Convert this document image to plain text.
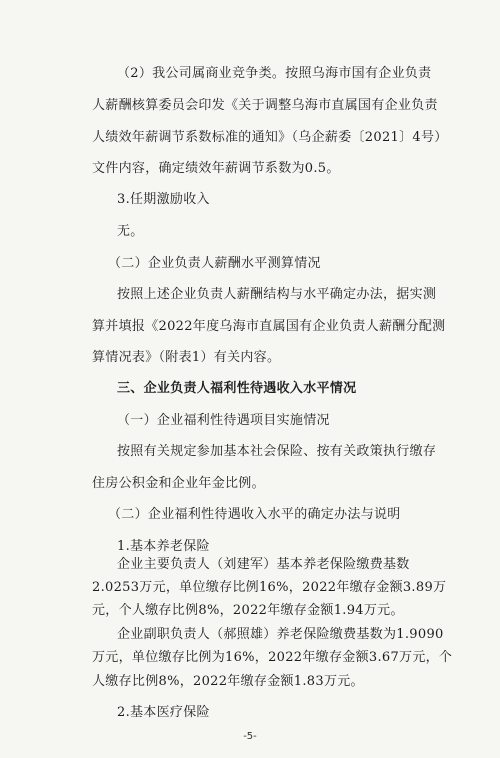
（2）我公司属商业竞争类。按照乌海市国有企业负责
人薪酬核算委员会印发《关于调整乌海市直属国有企业负责
人绩效年薪调节系数标准的通知》（乌企薪委〔2021〕4号）
文件内容，确定绩效年薪调节系数为0.5。
3.任期激励收入
无。
（二）企业负责人薪酬水平测算情况
按照上述企业负责人薪酬结构与水平确定办法，据实测
算并填报《2022年度乌海市直属国有企业负责人薪酬分配测
算情况表》（附表1）有关内容。
三、企业负责人福利性待遇收入水平情况
（一）企业福利性待遇项目实施情况
按照有关规定参加基本社会保险、按有关政策执行缴存
住房公积金和企业年金比例。
（二）企业福利性待遇收入水平的确定办法与说明
1.基本养老保险
企业主要负责人（刘建军）基本养老保险缴费基数
2.0253万元，单位缴存比例16%，2022年缴存金额3.89万
元，个人缴存比例8%，2022年缴存金额1.94万元。
企业副职负责人（郝照雄）养老保险缴费基数为1.9090
万元，单位缴存比例为16%，2022年缴存金额3.67万元，个
-5-
人缴存比例8%，2022年缴存金额1.83万元。
2.基本医疗保险
